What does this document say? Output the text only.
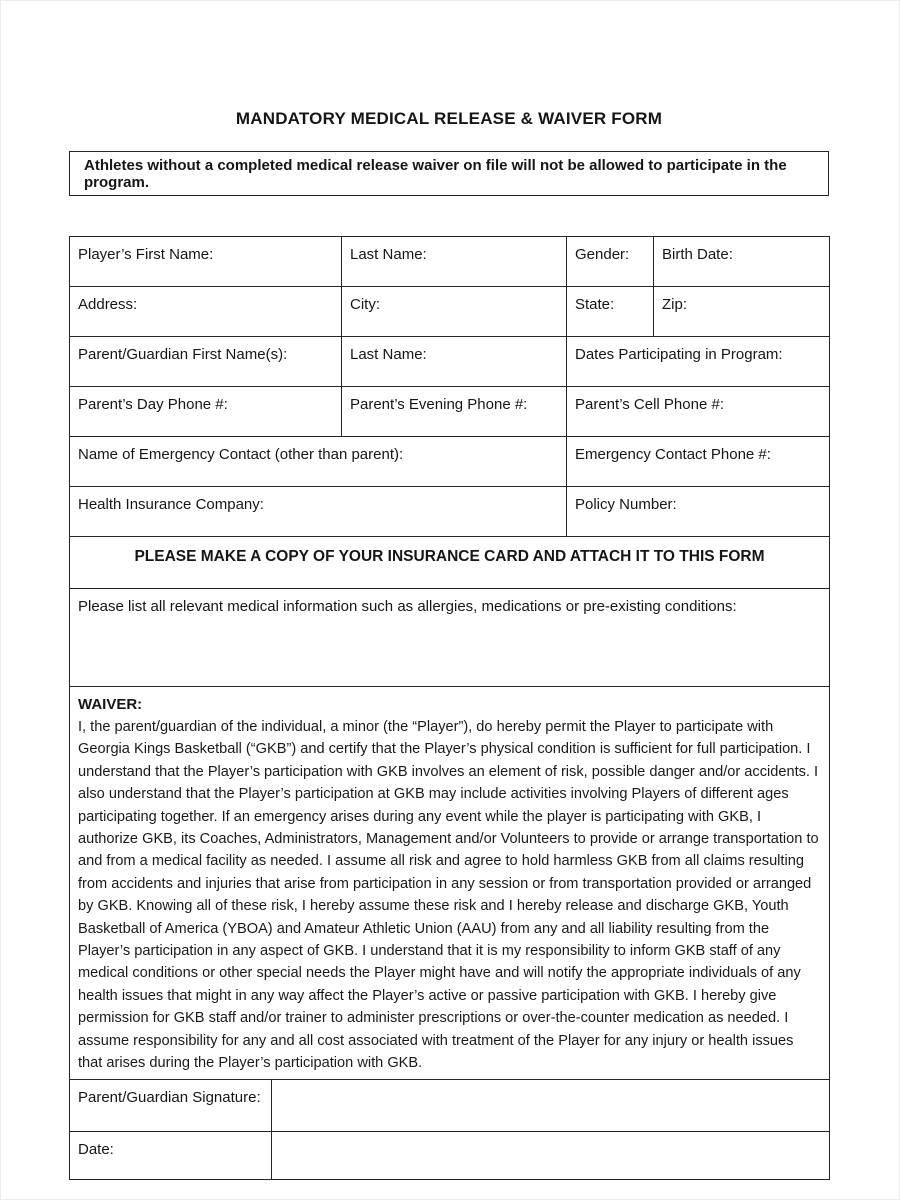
MANDATORY MEDICAL RELEASE & WAIVER FORM
Athletes without a completed medical release waiver on file will not be allowed to participate in the program.
Player’s First Name:	Last Name:	Gender:	Birth Date:
Address:	City:	State:	Zip:
Parent/Guardian First Name(s):	Last Name:	Dates Participating in Program:	
Parent’s Day Phone #:	Parent’s Evening Phone #:	Parent’s Cell Phone #:	
Name of Emergency Contact (other than parent):		Emergency Contact Phone #:	
Health Insurance Company:		Policy Number:	
PLEASE MAKE A COPY OF YOUR INSURANCE CARD AND ATTACH IT TO THIS FORM			
Please list all relevant medical information such as allergies, medications or pre-existing conditions:			

WAIVER:
I, the parent/guardian of the individual, a minor (the “Player”), do hereby permit the Player to participate with Georgia Kings Basketball (“GKB”) and certify that the Player’s physical condition is sufficient for full participation. I understand that the Player’s participation with GKB involves an element of risk, possible danger and/or accidents. I also understand that the Player’s participation at GKB may include activities involving Players of different ages participating together. If an emergency arises during any event while the player is participating with GKB, I authorize GKB, its Coaches, Administrators, Management and/or Volunteers to provide or arrange transportation to and from a medical facility as needed. I assume all risk and agree to hold harmless GKB from all claims resulting from accidents and injuries that arise from participation in any session or from transportation provided or arranged by GKB. Knowing all of these risk, I hereby assume these risk and I hereby release and discharge GKB, Youth Basketball of America (YBOA) and Amateur Athletic Union (AAU) from any and all liability resulting from the Player’s participation in any aspect of GKB. I understand that it is my responsibility to inform GKB staff of any medical conditions or other special needs the Player might have and will notify the appropriate individuals of any health issues that might in any way affect the Player’s active or passive participation with GKB. I hereby give permission for GKB staff and/or trainer to administer prescriptions or over-the-counter medication as needed. I assume responsibility for any and all cost associated with treatment of the Player for any injury or health issues that arises during the Player’s participation with GKB.			
Parent/Guardian Signature:	
Date:	
